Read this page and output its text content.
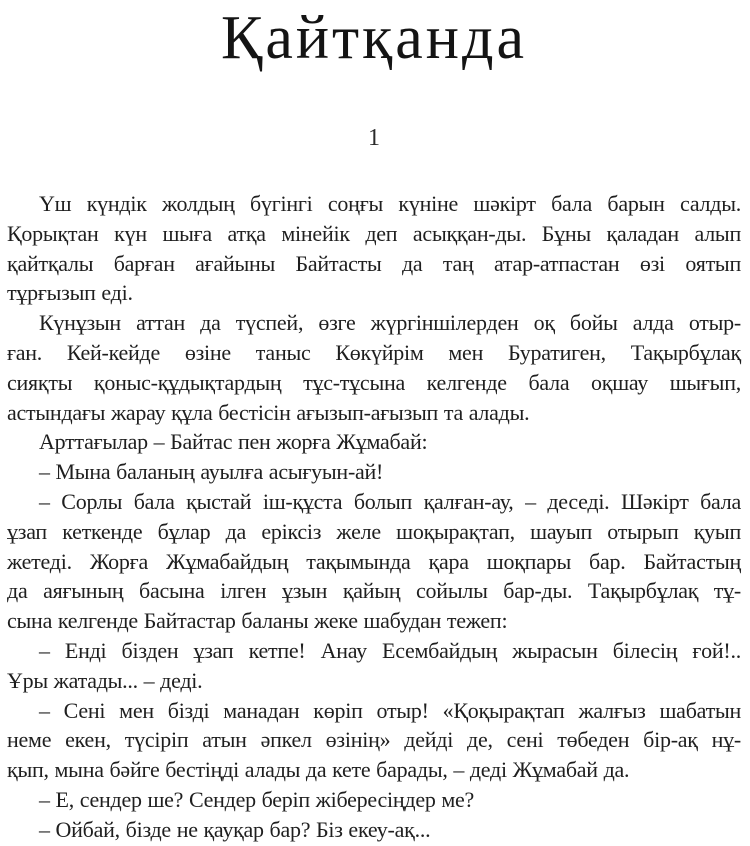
Қайтқанда
1
Үш күндік жолдың бүгінгі соңғы күніне шәкірт бала барын салды.
Қорықтан күн шыға атқа мінейік деп асыққан-ды. Бұны қаладан алып
қайтқалы барған ағайыны Байтасты да таң атар-атпастан өзі оятып
тұрғызып еді.
Күнұзын аттан да түспей, өзге жүргіншілерден оқ бойы алда отыр-
ған. Кей-кейде өзіне таныс Көкүйрім мен Буратиген, Тақырбұлақ
сияқты қоныс-құдықтардың тұс-тұсына келгенде бала оқшау шығып,
астындағы жарау құла бестісін ағызып-ағызып та алады.
Арттағылар – Байтас пен жорға Жұмабай:
– Мына баланың ауылға асығуын-ай!
– Сорлы бала қыстай іш-құста болып қалған-ау, – деседі. Шәкірт бала
ұзап кеткенде бұлар да еріксіз желе шоқырақтап, шауып отырып қуып
жетеді. Жорға Жұмабайдың тақымында қара шоқпары бар. Байтастың
да аяғының басына ілген ұзын қайың сойылы бар-ды. Тақырбұлақ тұ-
сына келгенде Байтастар баланы жеке шабудан тежеп:
– Енді бізден ұзап кетпе! Анау Есембайдың жырасын білесің ғой!..
Ұры жатады... – деді.
– Сені мен бізді манадан көріп отыр! «Қоқырақтап жалғыз шабатын
неме екен, түсіріп атын әпкел өзінің» дейді де, сені төбеден бір-ақ нұ-
қып, мына бәйге бестіңді алады да кете барады, – деді Жұмабай да.
– Е, сендер ше? Сендер беріп жібересіңдер ме?
– Ойбай, бізде не қауқар бар? Біз екеу-ақ...
